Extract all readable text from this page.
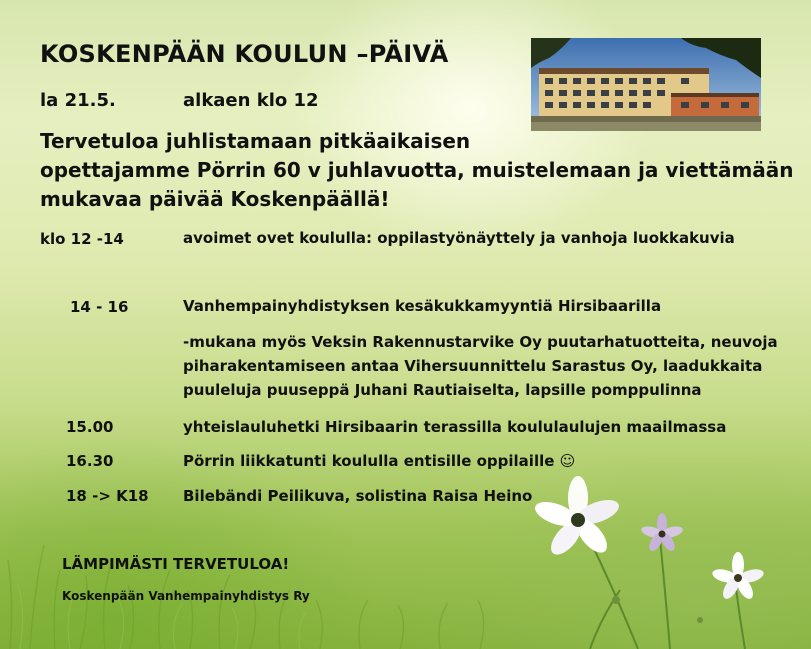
KOSKENPÄÄN KOULUN –PÄIVÄ
la 21.5.	alkaen klo 12
Tervetuloa juhlistamaan pitkäaikaisen
opettajamme Pörrin 60 v juhlavuotta, muistelemaan ja viettämään
mukavaa päivää Koskenpäällä!
klo 12 -14	avoimet ovet koululla: oppilastyönäyttely ja vanhoja luokkakuvia
14 - 16	Vanhempainyhdistyksen kesäkukkamyyntiä Hirsibaarilla
-mukana myös Veksin Rakennustarvike Oy puutarhatuotteita, neuvoja
piharakentamiseen antaa Vihersuunnittelu Sarastus Oy, laadukkaita
puuleluja puuseppä Juhani Rautiaiselta, lapsille pomppulinna
15.00	yhteislauluhetki Hirsibaarin terassilla koululaulujen maailmassa
16.30	Pörrin liikkatunti koululla entisille oppilaille ☺
18 -> K18 Bilebändi Peilikuva, solistina Raisa Heino
LÄMPIMÄSTI TERVETULOA!
Koskenpään Vanhempainyhdistys Ry
